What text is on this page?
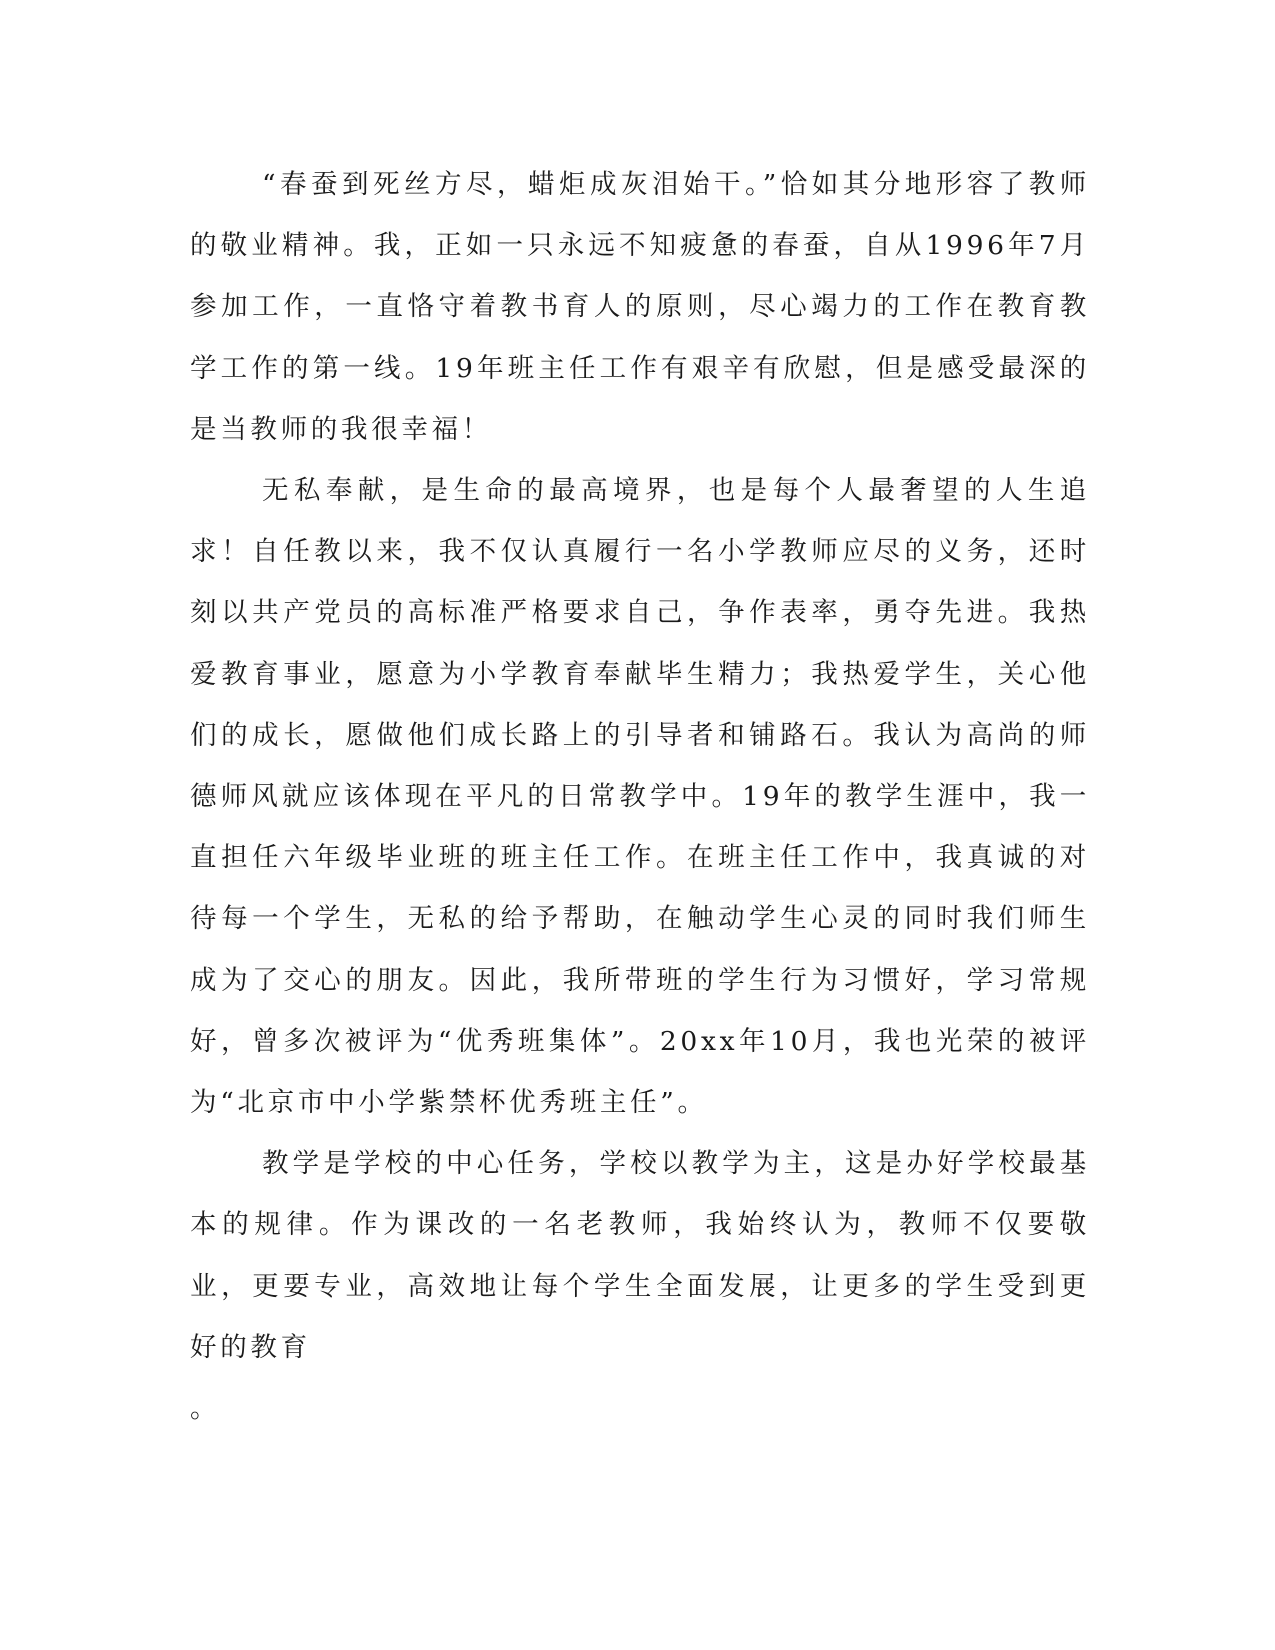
“春蚕到死丝方尽，蜡炬成灰泪始干。”恰如其分地形容了教师的敬业精神。我，正如一只永远不知疲惫的春蚕，自从1996年7月参加工作，一直恪守着教书育人的原则，尽心竭力的工作在教育教学工作的第一线。19年班主任工作有艰辛有欣慰，但是感受最深的是当教师的我很幸福！

无私奉献，是生命的最高境界，也是每个人最奢望的人生追求！自任教以来，我不仅认真履行一名小学教师应尽的义务，还时刻以共产党员的高标准严格要求自己，争作表率，勇夺先进。我热爱教育事业，愿意为小学教育奉献毕生精力；我热爱学生，关心他们的成长，愿做他们成长路上的引导者和铺路石。我认为高尚的师德师风就应该体现在平凡的日常教学中。19年的教学生涯中，我一直担任六年级毕业班的班主任工作。在班主任工作中，我真诚的对待每一个学生，无私的给予帮助，在触动学生心灵的同时我们师生成为了交心的朋友。因此，我所带班的学生行为习惯好，学习常规好，曾多次被评为“优秀班集体”。20xx年10月，我也光荣的被评为“北京市中小学紫禁杯优秀班主任”。

教学是学校的中心任务，学校以教学为主，这是办好学校最基本的规律。作为课改的一名老教师，我始终认为，教师不仅要敬业，更要专业，高效地让每个学生全面发展，让更多的学生受到更好的教育

。
